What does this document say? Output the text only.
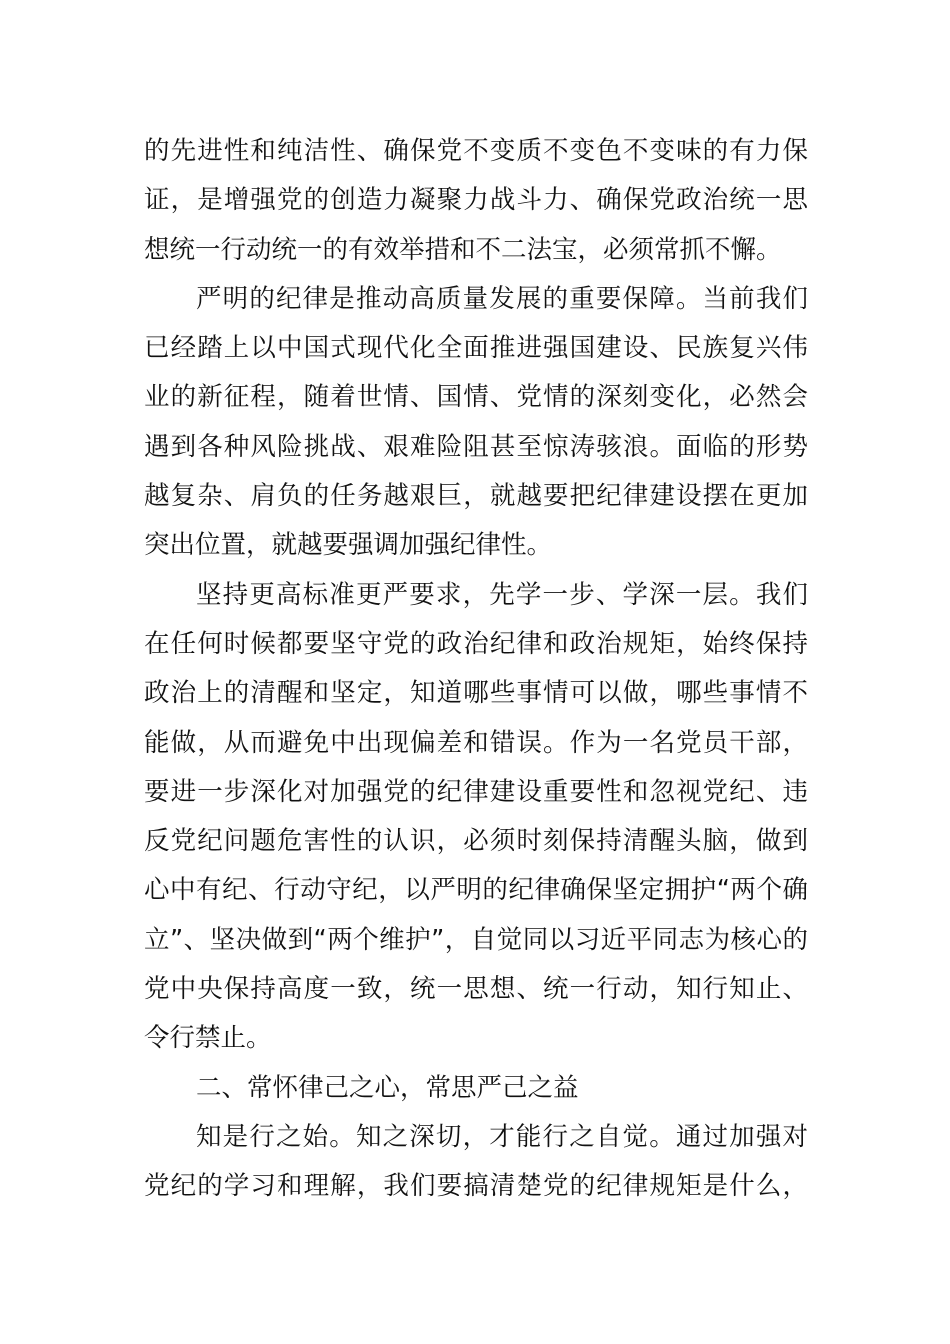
的先进性和纯洁性、确保党不变质不变色不变味的有力保
证，是增强党的创造力凝聚力战斗力、确保党政治统一思
想统一行动统一的有效举措和不二法宝，必须常抓不懈。
严明的纪律是推动高质量发展的重要保障。当前我们
已经踏上以中国式现代化全面推进强国建设、民族复兴伟
业的新征程，随着世情、国情、党情的深刻变化，必然会
遇到各种风险挑战、艰难险阻甚至惊涛骇浪。面临的形势
越复杂、肩负的任务越艰巨，就越要把纪律建设摆在更加
突出位置，就越要强调加强纪律性。
坚持更高标准更严要求，先学一步、学深一层。我们
在任何时候都要坚守党的政治纪律和政治规矩，始终保持
政治上的清醒和坚定，知道哪些事情可以做，哪些事情不
能做，从而避免中出现偏差和错误。作为一名党员干部，
要进一步深化对加强党的纪律建设重要性和忽视党纪、违
反党纪问题危害性的认识，必须时刻保持清醒头脑，做到
心中有纪、行动守纪，以严明的纪律确保坚定拥护“两个确
立”、坚决做到“两个维护”，自觉同以习近平同志为核心的
党中央保持高度一致，统一思想、统一行动，知行知止、
令行禁止。
二、常怀律己之心，常思严己之益
知是行之始。知之深切，才能行之自觉。通过加强对
党纪的学习和理解，我们要搞清楚党的纪律规矩是什么，
